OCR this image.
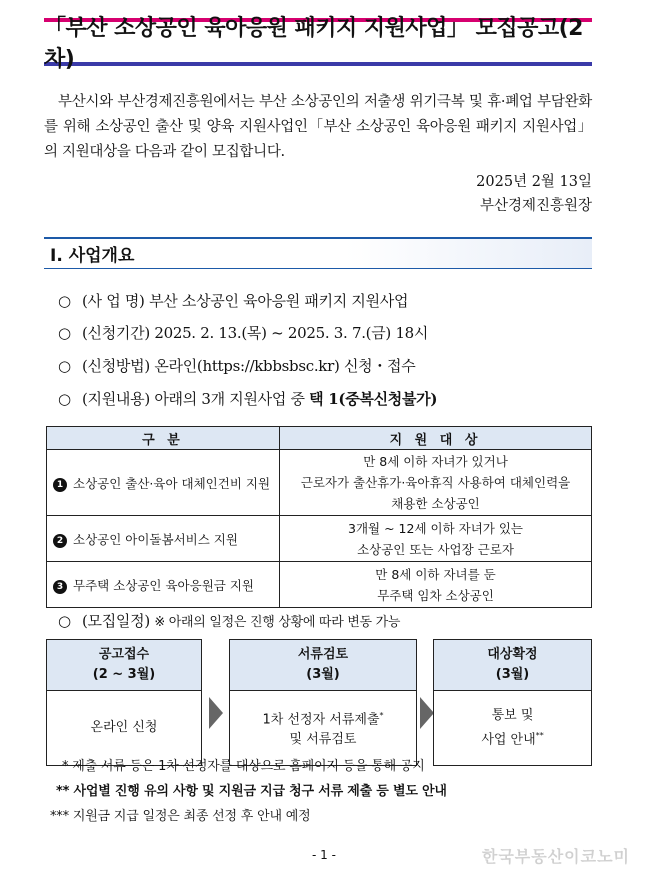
「부산 소상공인 육아응원 패키지 지원사업」 모집공고(2차)
부산시와 부산경제진흥원에서는 부산 소상공인의 저출생 위기극복 및 휴·폐업 부담완화를 위해 소상공인 출산 및 양육 지원사업인「부산 소상공인 육아응원 패키지 지원사업」의 지원대상을 다음과 같이 모집합니다.
2025년 2월 13일
부산경제진흥원장
Ⅰ. 사업개요
○ (사 업 명) 부산 소상공인 육아응원 패키지 지원사업
○ (신청기간) 2025. 2. 13.(목) ~ 2025. 3. 7.(금) 18시
○ (신청방법) 온라인(https://kbbsbsc.kr) 신청・접수
○ (지원내용) 아래의 3개 지원사업 중 택 1(중복신청불가)
구 분	지 원 대 상
1 소상공인 출산·육아 대체인건비 지원	만 8세 이하 자녀가 있거나
근로자가 출산휴가·육아휴직 사용하여 대체인력을
채용한 소상공인

2 소상공인 아이돌봄서비스 지원	3개월 ~ 12세 이하 자녀가 있는
소상공인 또는 사업장 근로자

3 무주택 소상공인 육아응원금 지원	만 8세 이하 자녀를 둔
무주택 임차 소상공인
○ (모집일정) ※ 아래의 일정은 진행 상황에 따라 변동 가능
공고접수
(2 ~ 3월)
온라인 신청
서류검토
(3월)
1차 선정자 서류제출*
및 서류검토
대상확정
(3월)
통보 및
사업 안내**
* 제출 서류 등은 1차 선정자를 대상으로 홈페이지 등을 통해 공지
** 사업별 진행 유의 사항 및 지원금 지급 청구 서류 제출 등 별도 안내
*** 지원금 지급 일정은 최종 선정 후 안내 예정
- 1 -	한국부동산이코노미
